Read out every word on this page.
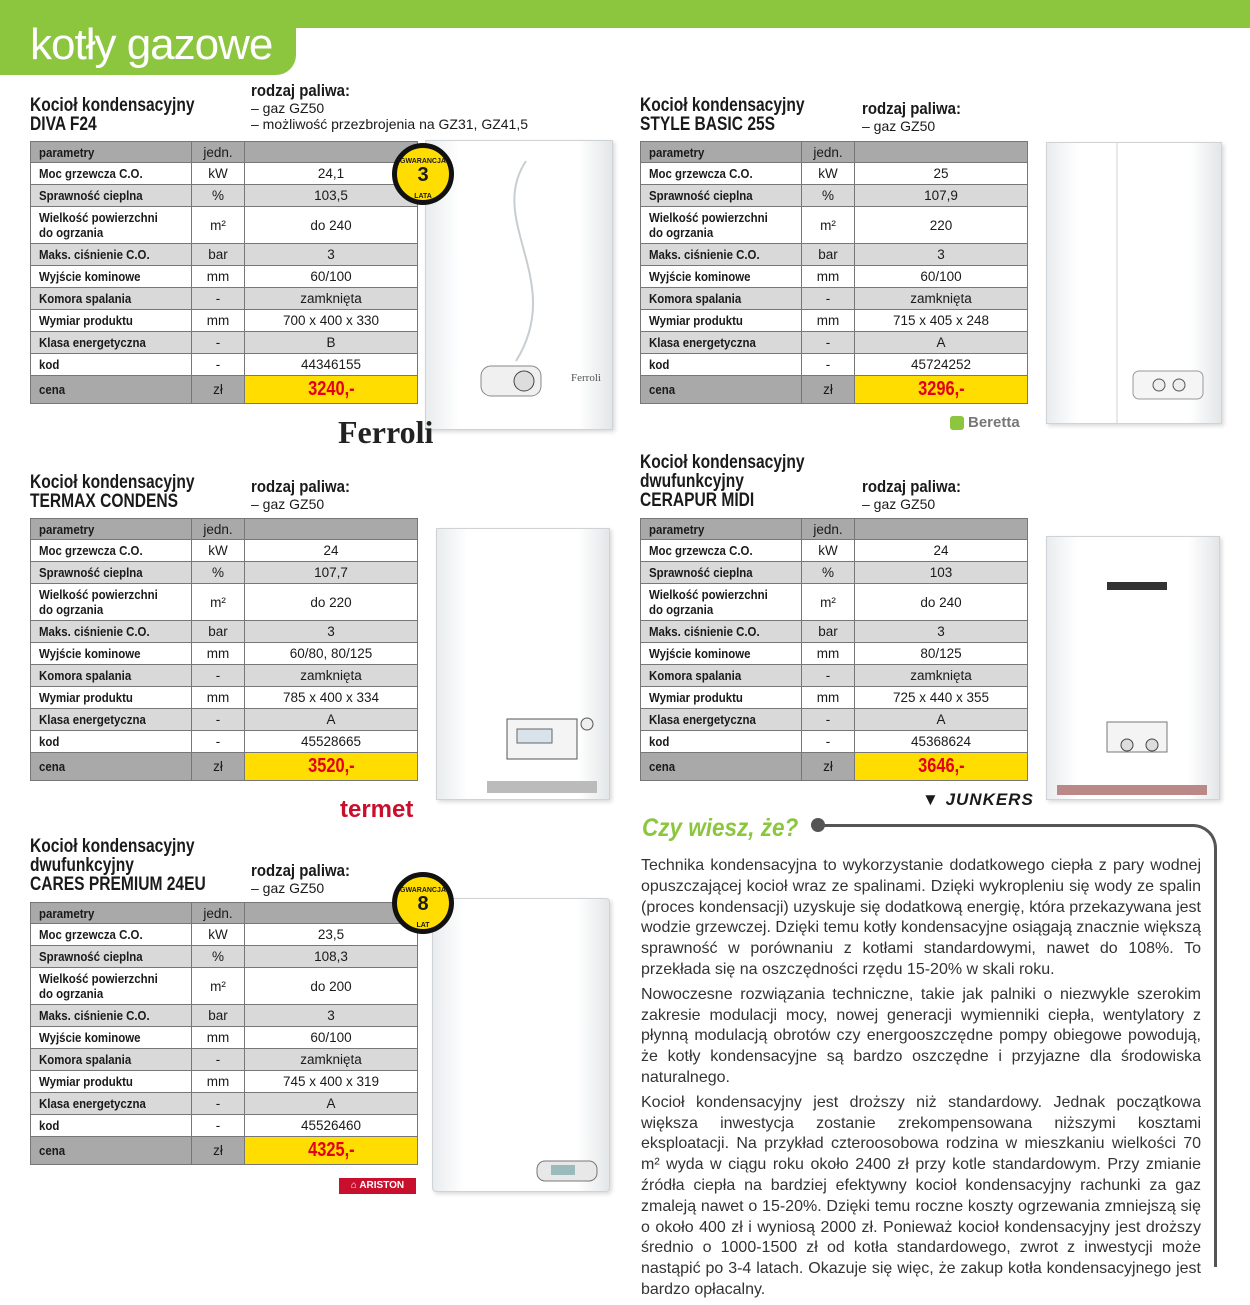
kotły gazowe
Kocioł kondensacyjny
DIVA F24
rodzaj paliwa:
– gaz GZ50
– możliwość przezbrojenia na GZ31, GZ41,5
parametry	jedn.	
Moc grzewcza C.O.	kW	24,1
Sprawność cieplna	%	103,5
Wielkość powierzchni
do ogrzania	m²	do 240
Maks. ciśnienie C.O.	bar	3
Wyjście kominowe	mm	60/100
Komora spalania	-	zamknięta
Wymiar produktu	mm	700 x 400 x 330
Klasa energetyczna	-	B
kod	-	44346155
cena	zł	3240,-	Ferroli
GWARANCJA
3
LATA
Ferroli
Kocioł kondensacyjny
STYLE BASIC 25S
rodzaj paliwa:
– gaz GZ50
parametry	jedn.	
Moc grzewcza C.O.	kW	25
Sprawność cieplna	%	107,9
Wielkość powierzchni
do ogrzania	m²	220
Maks. ciśnienie C.O.	bar	3
Wyjście kominowe	mm	60/100
Komora spalania	-	zamknięta
Wymiar produktu	mm	715 x 405 x 248
Klasa energetyczna	-	A
kod	-	45724252
cena	zł	3296,-
Beretta
Kocioł kondensacyjny
TERMAX CONDENS
rodzaj paliwa:
– gaz GZ50
parametry	jedn.	
Moc grzewcza C.O.	kW	24
Sprawność cieplna	%	107,7
Wielkość powierzchni
do ogrzania	m²	do 220
Maks. ciśnienie C.O.	bar	3
Wyjście kominowe	mm	60/80, 80/125
Komora spalania	-	zamknięta
Wymiar produktu	mm	785 x 400 x 334
Klasa energetyczna	-	A
kod	-	45528665
cena	zł	3520,-
termet
Kocioł kondensacyjny
dwufunkcyjny
CERAPUR MIDI
rodzaj paliwa:
– gaz GZ50
parametry	jedn.	
Moc grzewcza C.O.	kW	24
Sprawność cieplna	%	103
Wielkość powierzchni
do ogrzania	m²	do 240
Maks. ciśnienie C.O.	bar	3
Wyjście kominowe	mm	80/125
Komora spalania	-	zamknięta
Wymiar produktu	mm	725 x 440 x 355
Klasa energetyczna	-	A
kod	-	45368624
cena	zł	3646,-
▼ JUNKERS
Kocioł kondensacyjny
dwufunkcyjny
CARES PREMIUM 24EU
rodzaj paliwa:
– gaz GZ50
parametry	jedn.	
Moc grzewcza C.O.	kW	23,5
Sprawność cieplna	%	108,3
Wielkość powierzchni
do ogrzania	m²	do 200
Maks. ciśnienie C.O.	bar	3
Wyjście kominowe	mm	60/100
Komora spalania	-	zamknięta
Wymiar produktu	mm	745 x 400 x 319
Klasa energetyczna	-	A
kod	-	45526460
cena	zł	4325,-
GWARANCJA
8
LAT
⌂ ARISTON
Czy wiesz, że?

Technika kondensacyjna to wykorzystanie dodatkowego ciepła z pary wodnej opuszczającej kocioł wraz ze spalinami. Dzięki wykropleniu się wody ze spalin (proces kondensacji) uzyskuje się dodatkową energię, która przekazywana jest wodzie grzewczej. Dzięki temu kotły kondensacyjne osiągają znacznie większą sprawność w porównaniu z kotłami standardowymi, nawet do 108%. To przekłada się na oszczędności rzędu 15-20% w skali roku.

Nowoczesne rozwiązania techniczne, takie jak palniki o niezwykle szerokim zakresie modulacji mocy, nowej generacji wymienniki ciepła, wentylatory z płynną modulacją obrotów czy energooszczędne pompy obiegowe powodują, że kotły kondensacyjne są bardzo oszczędne i przyjazne dla środowiska naturalnego.

Kocioł kondensacyjny jest droższy niż standardowy. Jednak początkowa większa inwestycja zostanie zrekompensowana niższymi kosztami eksploatacji. Na przykład czteroosobowa rodzina w mieszkaniu wielkości 70 m² wyda w ciągu roku około 2400 zł przy kotle standardowym. Przy zmianie źródła ciepła na bardziej efektywny kocioł kondensacyjny rachunki za gaz zmaleją nawet o 15-20%. Dzięki temu roczne koszty ogrzewania zmniejszą się o około 400 zł i wyniosą 2000 zł. Ponieważ kocioł kondensacyjny jest droższy średnio o 1000-1500 zł od kotła standardowego, zwrot z inwestycji może nastąpić po 3-4 latach. Okazuje się więc, że zakup kotła kondensacyjnego jest bardzo opłacalny.
